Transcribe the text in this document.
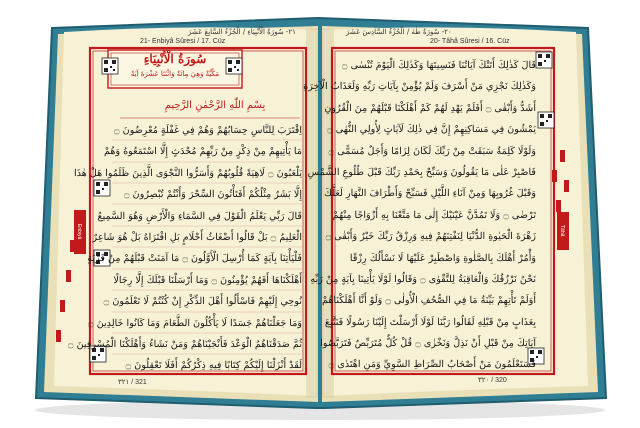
21- Enbiyâ Sûresi / 17. Cüz
٢١- سُورَةُ الْأَنْبِيَاءِ / الْجُزْءُ السَّابِعَ عَشَرَ
20- Tâhâ Sûresi / 16. Cüz
٢٠- سُورَةُ طٰهٰ / الْجُزْءُ السَّادِسَ عَشَرَ
سُورَةُ الْأَنْبِيَاءِ
مَكِّيَّةٌ وَهِيَ مِائَةٌ وَاثْنَتَا عَشْرَةَ آيَةً
بِسْمِ اللّٰهِ الرَّحْمٰنِ الرَّحِيمِ
اِقْتَرَبَ لِلنَّاسِ حِسَابُهُمْ وَهُمْ فِي غَفْلَةٍ مُعْرِضُونَ ۝
مَا يَأْتِيهِمْ مِنْ ذِكْرٍ مِنْ رَبِّهِمْ مُحْدَثٍ إِلَّا اسْتَمَعُوهُ وَهُمْ
يَلْعَبُونَ ۝ لَاهِيَةً قُلُوبُهُمْ وَأَسَرُّوا النَّجْوَى الَّذِينَ ظَلَمُوا هَلْ هٰذَا
إِلَّا بَشَرٌ مِثْلُكُمْ أَفَتَأْتُونَ السِّحْرَ وَأَنْتُمْ تُبْصِرُونَ ۝
قَالَ رَبِّي يَعْلَمُ الْقَوْلَ فِي السَّمَاءِ وَالْأَرْضِ وَهُوَ السَّمِيعُ
الْعَلِيمُ ۝ بَلْ قَالُوا أَضْغَاثُ أَحْلَامٍ بَلِ افْتَرَاهُ بَلْ هُوَ شَاعِرٌ
فَلْيَأْتِنَا بِآيَةٍ كَمَا أُرْسِلَ الْأَوَّلُونَ ۝ مَا آمَنَتْ قَبْلَهُمْ مِنْ قَرْيَةٍ
أَهْلَكْنَاهَا أَفَهُمْ يُؤْمِنُونَ ۝ وَمَا أَرْسَلْنَا قَبْلَكَ إِلَّا رِجَالًا
نُوحِي إِلَيْهِمْ فَاسْأَلُوا أَهْلَ الذِّكْرِ إِنْ كُنْتُمْ لَا تَعْلَمُونَ ۝
وَمَا جَعَلْنَاهُمْ جَسَدًا لَا يَأْكُلُونَ الطَّعَامَ وَمَا كَانُوا خَالِدِينَ ۝
ثُمَّ صَدَقْنَاهُمُ الْوَعْدَ فَأَنْجَيْنَاهُمْ وَمَنْ نَشَاءُ وَأَهْلَكْنَا الْمُسْرِفِينَ ۝
لَقَدْ أَنْزَلْنَا إِلَيْكُمْ كِتَابًا فِيهِ ذِكْرُكُمْ أَفَلَا تَعْقِلُونَ ۝
قَالَ كَذٰلِكَ أَتَتْكَ آيَاتُنَا فَنَسِيتَهَا وَكَذٰلِكَ الْيَوْمَ تُنْسٰى ۝
وَكَذٰلِكَ نَجْزِي مَنْ أَسْرَفَ وَلَمْ يُؤْمِنْ بِآيَاتِ رَبِّهِ وَلَعَذَابُ الْآخِرَةِ
أَشَدُّ وَأَبْقٰى ۝ أَفَلَمْ يَهْدِ لَهُمْ كَمْ أَهْلَكْنَا قَبْلَهُمْ مِنَ الْقُرُونِ
يَمْشُونَ فِي مَسَاكِنِهِمْ إِنَّ فِي ذٰلِكَ لَآيَاتٍ لِأُولِي النُّهٰى ۝
وَلَوْلَا كَلِمَةٌ سَبَقَتْ مِنْ رَبِّكَ لَكَانَ لِزَامًا وَأَجَلٌ مُسَمًّى ۝
فَاصْبِرْ عَلٰى مَا يَقُولُونَ وَسَبِّحْ بِحَمْدِ رَبِّكَ قَبْلَ طُلُوعِ الشَّمْسِ
وَقَبْلَ غُرُوبِهَا وَمِنْ آنَاءِ اللَّيْلِ فَسَبِّحْ وَأَطْرَافَ النَّهَارِ لَعَلَّكَ
تَرْضٰى ۝ وَلَا تَمُدَّنَّ عَيْنَيْكَ إِلٰى مَا مَتَّعْنَا بِهِ أَزْوَاجًا مِنْهُمْ
زَهْرَةَ الْحَيٰوةِ الدُّنْيَا لِنَفْتِنَهُمْ فِيهِ وَرِزْقُ رَبِّكَ خَيْرٌ وَأَبْقٰى ۝
وَأْمُرْ أَهْلَكَ بِالصَّلٰوةِ وَاصْطَبِرْ عَلَيْهَا لَا نَسْأَلُكَ رِزْقًا
نَحْنُ نَرْزُقُكَ وَالْعَاقِبَةُ لِلتَّقْوٰى ۝ وَقَالُوا لَوْلَا يَأْتِينَا بِآيَةٍ مِنْ رَبِّهِ
أَوَلَمْ تَأْتِهِمْ بَيِّنَةُ مَا فِي الصُّحُفِ الْأُولٰى ۝ وَلَوْ أَنَّا أَهْلَكْنَاهُمْ
بِعَذَابٍ مِنْ قَبْلِهِ لَقَالُوا رَبَّنَا لَوْلَا أَرْسَلْتَ إِلَيْنَا رَسُولًا فَنَتَّبِعَ
آيَاتِكَ مِنْ قَبْلِ أَنْ نَذِلَّ وَنَخْزٰى ۝ قُلْ كُلٌّ مُتَرَبِّصٌ فَتَرَبَّصُوا
فَسَتَعْلَمُونَ مَنْ أَصْحَابُ الصِّرَاطِ السَّوِيِّ وَمَنِ اهْتَدٰى ۝
Enbiyâ	Tâhâ
٣٢١ / 321	٣٢٠ / 320
